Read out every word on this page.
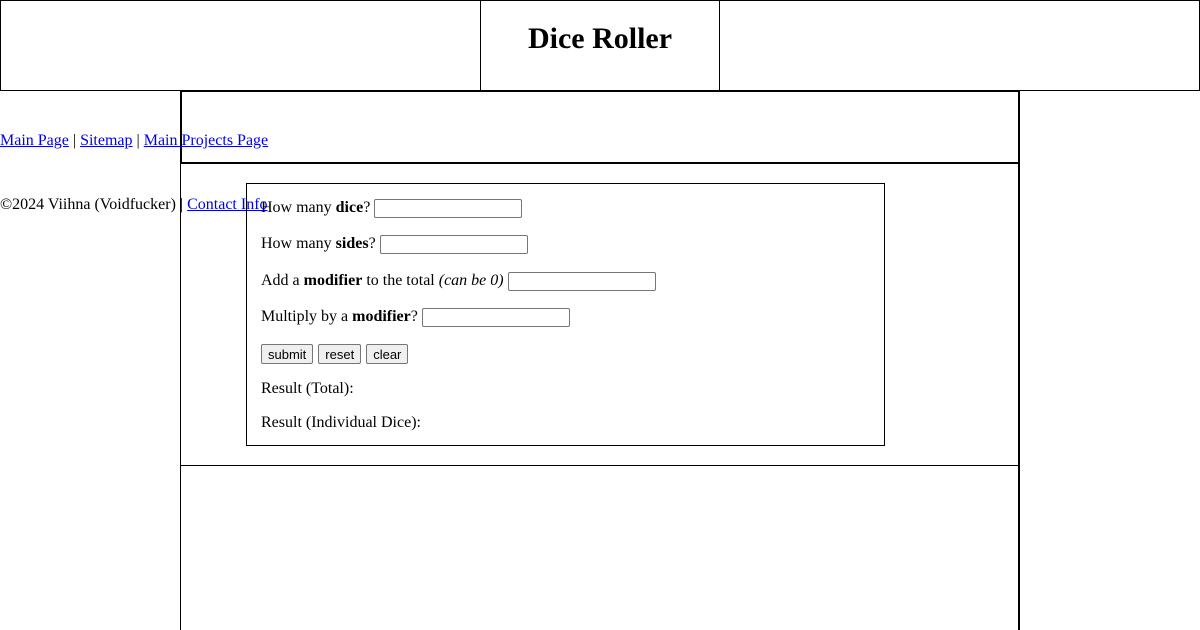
Dice Roller
Main Page | Sitemap | Main Projects Page
©2024 Viihna (Voidfucker) | Contact Info
How many dice?
How many sides?
Add a modifier to the total (can be 0)
Multiply by a modifier?
submit reset clear
Result (Total):
Result (Individual Dice):
